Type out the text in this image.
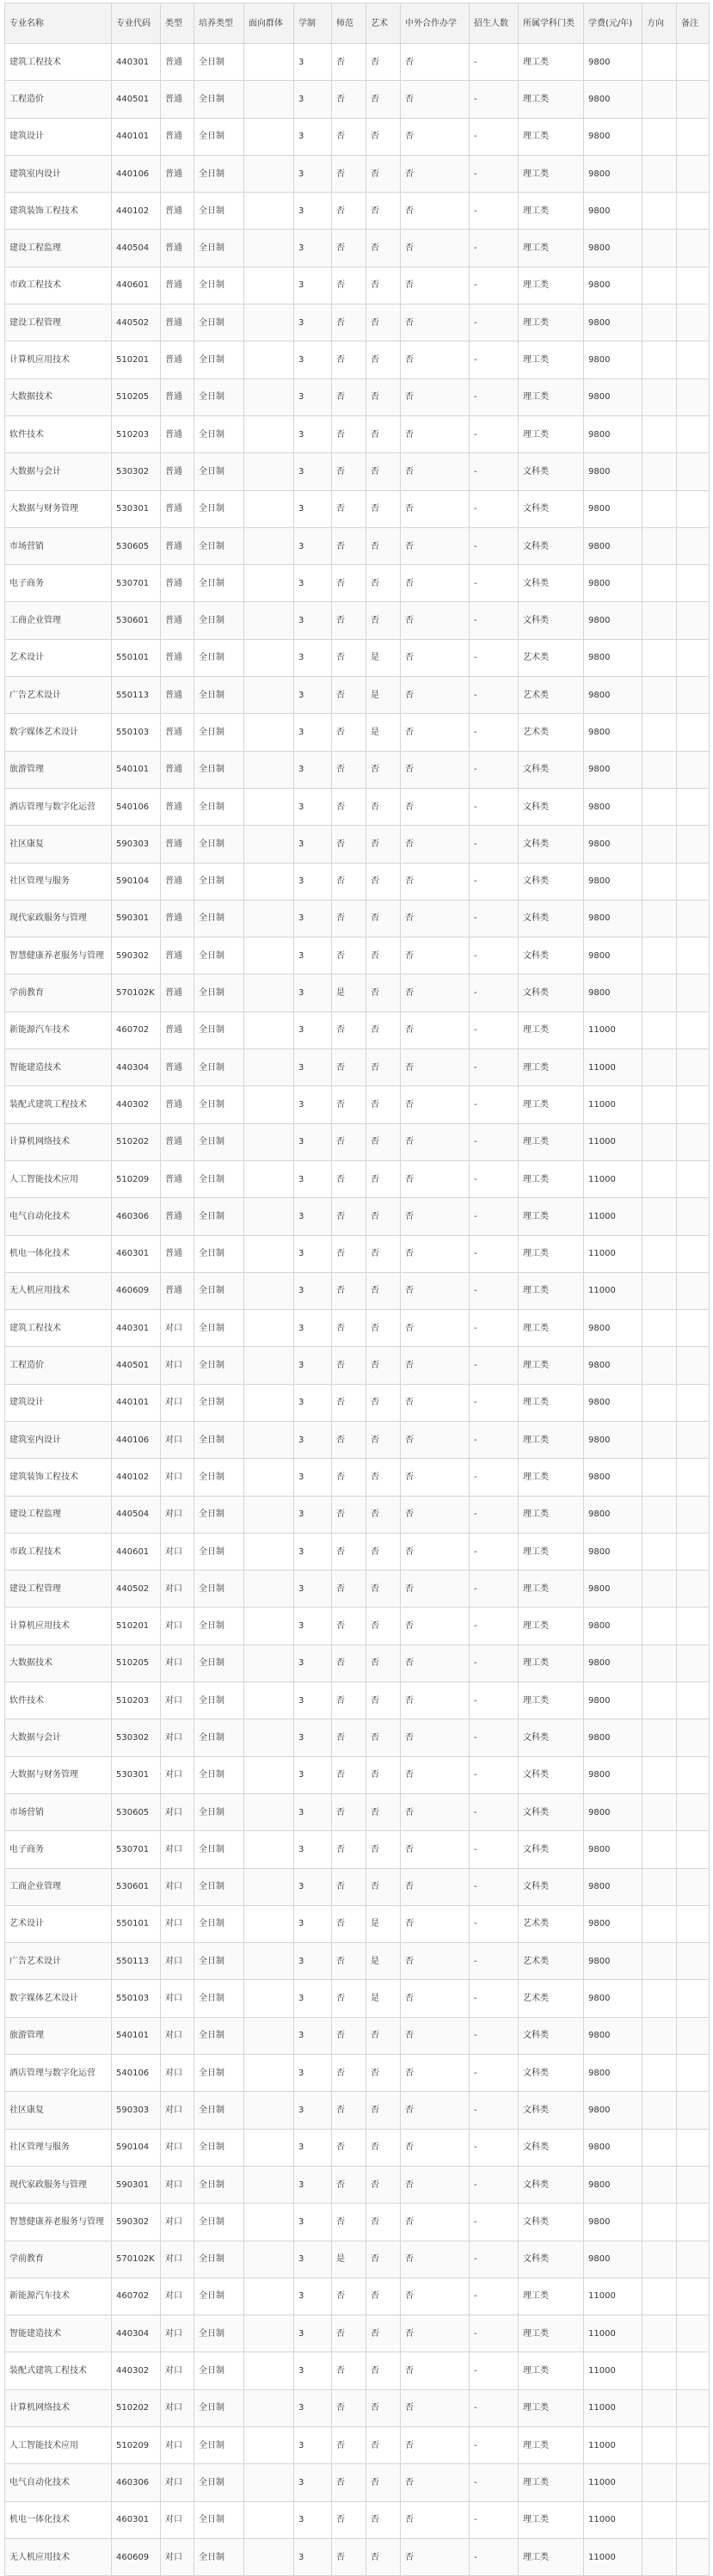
专业名称	专业代码	类型	培养类型	面向群体	学制	师范	艺术	中外合作办学	招生人数	所属学科门类	学费(元/年)	方向	备注
建筑工程技术	440301	普通	全日制		3	否	否	否	-	理工类	9800		
工程造价	440501	普通	全日制		3	否	否	否	-	理工类	9800		
建筑设计	440101	普通	全日制		3	否	否	否	-	理工类	9800		
建筑室内设计	440106	普通	全日制		3	否	否	否	-	理工类	9800		
建筑装饰工程技术	440102	普通	全日制		3	否	否	否	-	理工类	9800		
建设工程监理	440504	普通	全日制		3	否	否	否	-	理工类	9800		
市政工程技术	440601	普通	全日制		3	否	否	否	-	理工类	9800		
建设工程管理	440502	普通	全日制		3	否	否	否	-	理工类	9800		
计算机应用技术	510201	普通	全日制		3	否	否	否	-	理工类	9800		
大数据技术	510205	普通	全日制		3	否	否	否	-	理工类	9800		
软件技术	510203	普通	全日制		3	否	否	否	-	理工类	9800		
大数据与会计	530302	普通	全日制		3	否	否	否	-	文科类	9800		
大数据与财务管理	530301	普通	全日制		3	否	否	否	-	文科类	9800		
市场营销	530605	普通	全日制		3	否	否	否	-	文科类	9800		
电子商务	530701	普通	全日制		3	否	否	否	-	文科类	9800		
工商企业管理	530601	普通	全日制		3	否	否	否	-	文科类	9800		
艺术设计	550101	普通	全日制		3	否	是	否	-	艺术类	9800		
广告艺术设计	550113	普通	全日制		3	否	是	否	-	艺术类	9800		
数字媒体艺术设计	550103	普通	全日制		3	否	是	否	-	艺术类	9800		
旅游管理	540101	普通	全日制		3	否	否	否	-	文科类	9800		
酒店管理与数字化运营	540106	普通	全日制		3	否	否	否	-	文科类	9800		
社区康复	590303	普通	全日制		3	否	否	否	-	文科类	9800		
社区管理与服务	590104	普通	全日制		3	否	否	否	-	文科类	9800		
现代家政服务与管理	590301	普通	全日制		3	否	否	否	-	文科类	9800		
智慧健康养老服务与管理	590302	普通	全日制		3	否	否	否	-	文科类	9800		
学前教育	570102K	普通	全日制		3	是	否	否	-	文科类	9800		
新能源汽车技术	460702	普通	全日制		3	否	否	否	-	理工类	11000		
智能建造技术	440304	普通	全日制		3	否	否	否	-	理工类	11000		
装配式建筑工程技术	440302	普通	全日制		3	否	否	否	-	理工类	11000		
计算机网络技术	510202	普通	全日制		3	否	否	否	-	理工类	11000		
人工智能技术应用	510209	普通	全日制		3	否	否	否	-	理工类	11000		
电气自动化技术	460306	普通	全日制		3	否	否	否	-	理工类	11000		
机电一体化技术	460301	普通	全日制		3	否	否	否	-	理工类	11000		
无人机应用技术	460609	普通	全日制		3	否	否	否	-	理工类	11000		
建筑工程技术	440301	对口	全日制		3	否	否	否	-	理工类	9800		
工程造价	440501	对口	全日制		3	否	否	否	-	理工类	9800		
建筑设计	440101	对口	全日制		3	否	否	否	-	理工类	9800		
建筑室内设计	440106	对口	全日制		3	否	否	否	-	理工类	9800		
建筑装饰工程技术	440102	对口	全日制		3	否	否	否	-	理工类	9800		
建设工程监理	440504	对口	全日制		3	否	否	否	-	理工类	9800		
市政工程技术	440601	对口	全日制		3	否	否	否	-	理工类	9800		
建设工程管理	440502	对口	全日制		3	否	否	否	-	理工类	9800		
计算机应用技术	510201	对口	全日制		3	否	否	否	-	理工类	9800		
大数据技术	510205	对口	全日制		3	否	否	否	-	理工类	9800		
软件技术	510203	对口	全日制		3	否	否	否	-	理工类	9800		
大数据与会计	530302	对口	全日制		3	否	否	否	-	文科类	9800		
大数据与财务管理	530301	对口	全日制		3	否	否	否	-	文科类	9800		
市场营销	530605	对口	全日制		3	否	否	否	-	文科类	9800		
电子商务	530701	对口	全日制		3	否	否	否	-	文科类	9800		
工商企业管理	530601	对口	全日制		3	否	否	否	-	文科类	9800		
艺术设计	550101	对口	全日制		3	否	是	否	-	艺术类	9800		
广告艺术设计	550113	对口	全日制		3	否	是	否	-	艺术类	9800		
数字媒体艺术设计	550103	对口	全日制		3	否	是	否	-	艺术类	9800		
旅游管理	540101	对口	全日制		3	否	否	否	-	文科类	9800		
酒店管理与数字化运营	540106	对口	全日制		3	否	否	否	-	文科类	9800		
社区康复	590303	对口	全日制		3	否	否	否	-	文科类	9800		
社区管理与服务	590104	对口	全日制		3	否	否	否	-	文科类	9800		
现代家政服务与管理	590301	对口	全日制		3	否	否	否	-	文科类	9800		
智慧健康养老服务与管理	590302	对口	全日制		3	否	否	否	-	文科类	9800		
学前教育	570102K	对口	全日制		3	是	否	否	-	文科类	9800		
新能源汽车技术	460702	对口	全日制		3	否	否	否	-	理工类	11000		
智能建造技术	440304	对口	全日制		3	否	否	否	-	理工类	11000		
装配式建筑工程技术	440302	对口	全日制		3	否	否	否	-	理工类	11000		
计算机网络技术	510202	对口	全日制		3	否	否	否	-	理工类	11000		
人工智能技术应用	510209	对口	全日制		3	否	否	否	-	理工类	11000		
电气自动化技术	460306	对口	全日制		3	否	否	否	-	理工类	11000		
机电一体化技术	460301	对口	全日制		3	否	否	否	-	理工类	11000		
无人机应用技术	460609	对口	全日制		3	否	否	否	-	理工类	11000		
